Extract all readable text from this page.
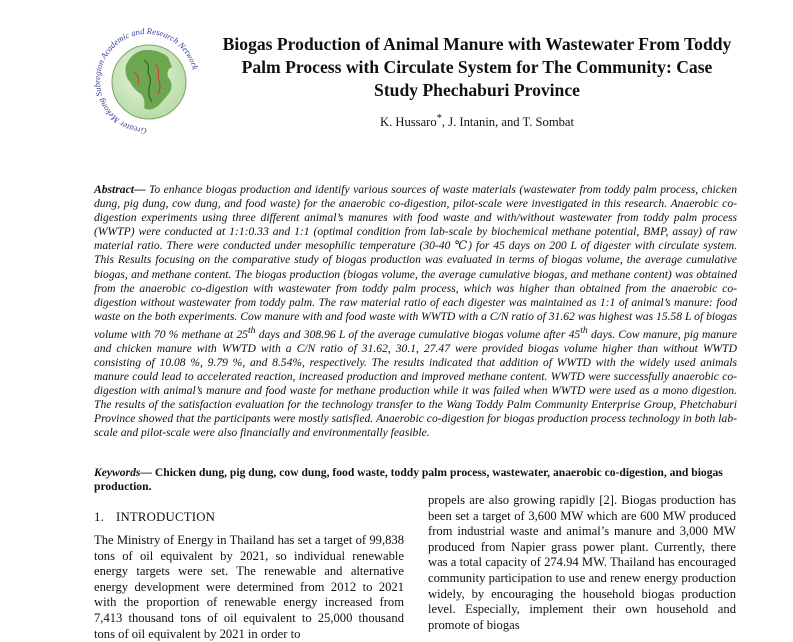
Greater Mekong Subregion Academic and Research Network
Biogas Production of Animal Manure with Wastewater From Toddy Palm Process with Circulate System for The Community: Case Study Phechaburi Province
K. Hussaro*, J. Intanin, and T. Sombat

Abstract— To enhance biogas production and identify various sources of waste materials (wastewater from toddy palm process, chicken dung, pig dung, cow dung, and food waste) for the anaerobic co-digestion, pilot-scale were investigated in this research. Anaerobic co-digestion experiments using three different animal’s manures with food waste and with/without wastewater from toddy palm process (WWTP) were conducted at 1:1:0.33 and 1:1 (optimal condition from lab-scale by biochemical methane potential, BMP, assay) of raw material ratio. There were conducted under mesophilic temperature (30-40 ℃) for 45 days on 200 L of digester with circulate system. This Results focusing on the comparative study of biogas production was evaluated in terms of biogas volume, the average cumulative biogas, and methane content. The biogas production (biogas volume, the average cumulative biogas, and methane content) was obtained from the anaerobic co-digestion with wastewater from toddy palm process, which was higher than obtained from the anaerobic co-digestion without wastewater from toddy palm. The raw material ratio of each digester was maintained as 1:1 of animal’s manure: food waste on the both experiments. Cow manure with and food waste with WWTD with a C/N ratio of 31.62 was highest was 15.58 L of biogas volume with 70 % methane at 25th days and 308.96 L of the average cumulative biogas volume after 45th days. Cow manure, pig manure and chicken manure with WWTD with a C/N ratio of 31.62, 30.1, 27.47 were provided biogas volume higher than without WWTD consisting of 10.08 %, 9.79 %, and 8.54%, respectively. The results indicated that addition of WWTD with the widely used animals manure could lead to accelerated reaction, increased production and improved methane content. WWTD were successfully anaerobic co-digestion with animal’s manure and food waste for methane production while it was failed when WWTD were used as a mono digestion. The results of the satisfaction evaluation for the technology transfer to the Wang Toddy Palm Community Enterprise Group, Phetchaburi Province showed that the participants were mostly satisfied. Anaerobic co-digestion for biogas production process technology in both lab-scale and pilot-scale were also financially and environmentally feasible.

Keywords— Chicken dung, pig dung, cow dung, food waste, toddy palm process, wastewater, anaerobic co-digestion, and biogas production.

1. INTRODUCTION

The Ministry of Energy in Thailand has set a target of 99,838 tons of oil equivalent by 2021, so individual renewable energy targets were set. The renewable and alternative energy development were determined from 2012 to 2021 with the proportion of renewable energy increased from 7,413 thousand tons of oil equivalent to 25,000 thousand tons of oil equivalent by 2021 in order to

propels are also growing rapidly [2]. Biogas production has been set a target of 3,600 MW which are 600 MW produced from industrial waste and animal’s manure and 3,000 MW produced from Napier grass power plant. Currently, there was a total capacity of 274.94 MW. Thailand has encouraged community participation to use and renew energy production widely, by encouraging the household biogas production level. Especially, implement their own household and promote of biogas
